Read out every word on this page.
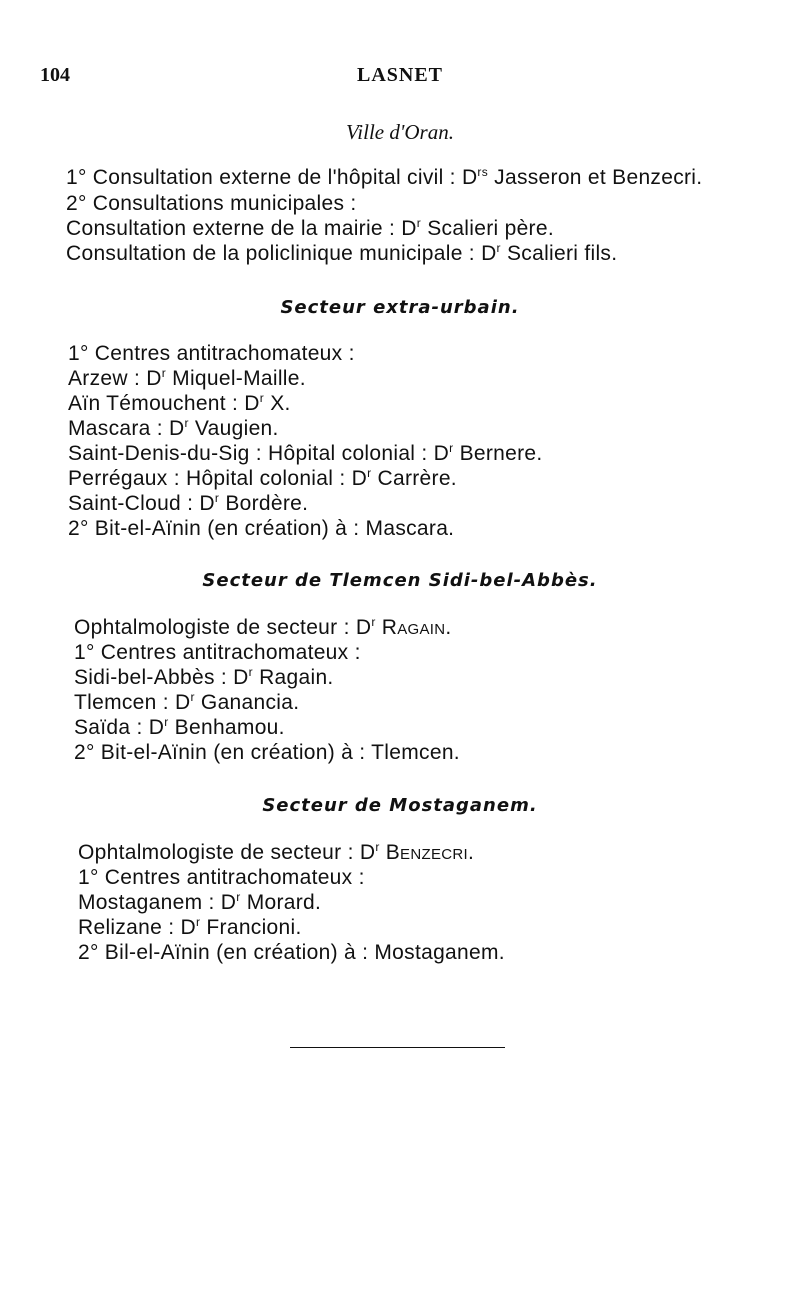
104	LASNET
Ville d'Oran.
1° Consultation externe de l'hôpital civil : $D^{rs}$ Jasseron et Benzecri.
2° Consultations municipales :
Consultation externe de la mairie : $D^r$ Scalieri père.
Consultation de la policlinique municipale : $D^r$ Scalieri fils.
Secteur extra-urbain.
1° Centres antitrachomateux :
Arzew : $D^r$ Miquel-Maille.
Aïn Témouchent : $D^r$ X.
Mascara : $D^r$ Vaugien.
Saint-Denis-du-Sig : Hôpital colonial : $D^r$ Bernere.
Perrégaux : Hôpital colonial : $D^r$ Carrère.
Saint-Cloud : $D^r$ Bordère.
2° Bit-el-Aïnin (en création) à : Mascara.
Secteur de Tlemcen Sidi-bel-Abbès.
Ophtalmologiste de secteur : $D^r$ Ragain.
1° Centres antitrachomateux :
Sidi-bel-Abbès : $D^r$ Ragain.
Tlemcen : $D^r$ Ganancia.
Saïda : $D^r$ Benhamou.
2° Bit-el-Aïnin (en création) à : Tlemcen.
Secteur de Mostaganem.
Ophtalmologiste de secteur : $D^r$ Benzecri.
1° Centres antitrachomateux :
Mostaganem : $D^r$ Morard.
Relizane : $D^r$ Francioni.
2° Bil-el-Aïnin (en création) à : Mostaganem.
